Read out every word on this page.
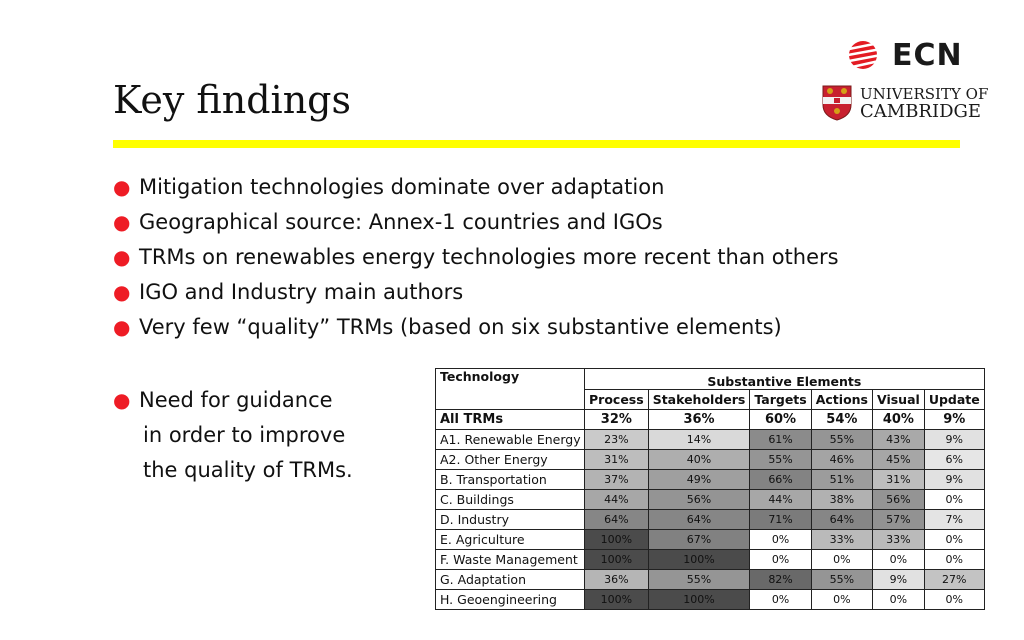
Key findings
ECN
UNIVERSITY OF
CAMBRIDGE
● Mitigation technologies dominate over adaptation
● Geographical source: Annex-1 countries and IGOs
● TRMs on renewables energy technologies more recent than others
● IGO and Industry main authors
● Very few “quality” TRMs (based on six substantive elements)
● Need for guidance
in order to improve
the quality of TRMs.
Technology	Substantive Elements					
	Process	Stakeholders	Targets	Actions	Visual	Update
All TRMs	32%	36%	60%	54%	40%	9%
A1. Renewable Energy	23%	14%	61%	55%	43%	9%
A2. Other Energy	31%	40%	55%	46%	45%	6%
B. Transportation	37%	49%	66%	51%	31%	9%
C. Buildings	44%	56%	44%	38%	56%	0%
D. Industry	64%	64%	71%	64%	57%	7%
E. Agriculture	100%	67%	0%	33%	33%	0%
F. Waste Management	100%	100%	0%	0%	0%	0%
G. Adaptation	36%	55%	82%	55%	9%	27%
H. Geoengineering	100%	100%	0%	0%	0%	0%
